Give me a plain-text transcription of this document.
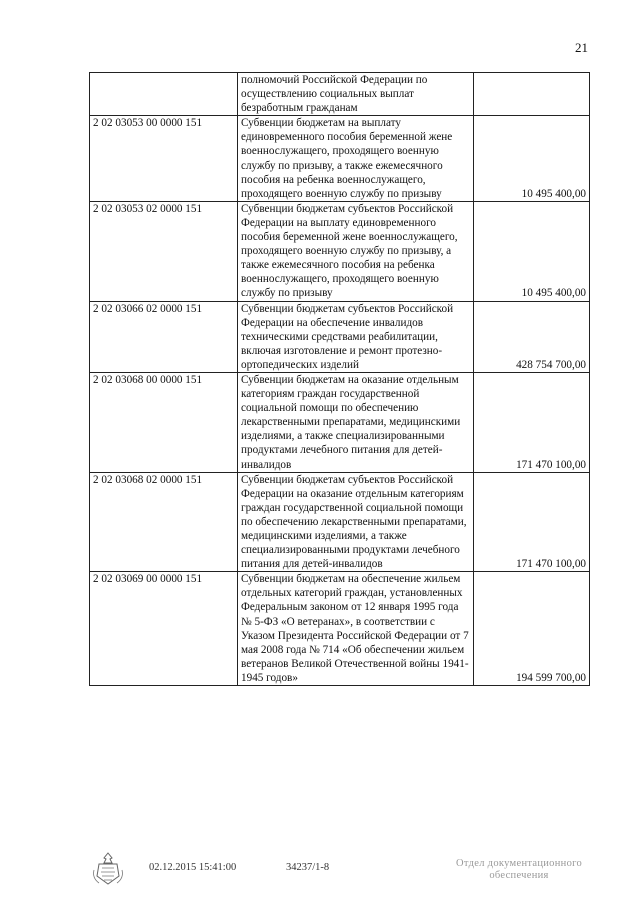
21
	полномочий Российской Федерации по осуществлению социальных выплат безработным гражданам	
2 02 03053 00 0000 151	Субвенции бюджетам на выплату единовременного пособия беременной жене военнослужащего, проходящего военную службу по призыву, а также ежемесячного пособия на ребенка военнослужащего, проходящего военную службу по призыву	10 495 400,00
2 02 03053 02 0000 151	Субвенции бюджетам субъектов Российской Федерации на выплату единовременного пособия беременной жене военнослужащего, проходящего военную службу по призыву, а также ежемесячного пособия на ребенка военнослужащего, проходящего военную службу по призыву	10 495 400,00
2 02 03066 02 0000 151	Субвенции бюджетам субъектов Российской Федерации на обеспечение инвалидов техническими средствами реабилитации, включая изготовление и ремонт протезно-ортопедических изделий	428 754 700,00
2 02 03068 00 0000 151	Субвенции бюджетам на оказание отдельным категориям граждан государственной социальной помощи по обеспечению лекарственными препаратами, медицинскими изделиями, а также специализированными продуктами лечебного питания для детей-инвалидов	171 470 100,00
2 02 03068 02 0000 151	Субвенции бюджетам субъектов Российской Федерации на оказание отдельным категориям граждан государственной социальной помощи по обеспечению лекарственными препаратами, медицинскими изделиями, а также специализированными продуктами лечебного питания для детей-инвалидов	171 470 100,00
2 02 03069 00 0000 151	Субвенции бюджетам на обеспечение жильем отдельных категорий граждан, установленных Федеральным законом от 12 января 1995 года № 5-ФЗ «О ветеранах», в соответствии с Указом Президента Российской Федерации от 7 мая 2008 года № 714 «Об обеспечении жильем ветеранов Великой Отечественной войны 1941-1945 годов»	194 599 700,00
02.12.2015 15:41:00	34237/1-8	Отдел документационного
обеспечения
